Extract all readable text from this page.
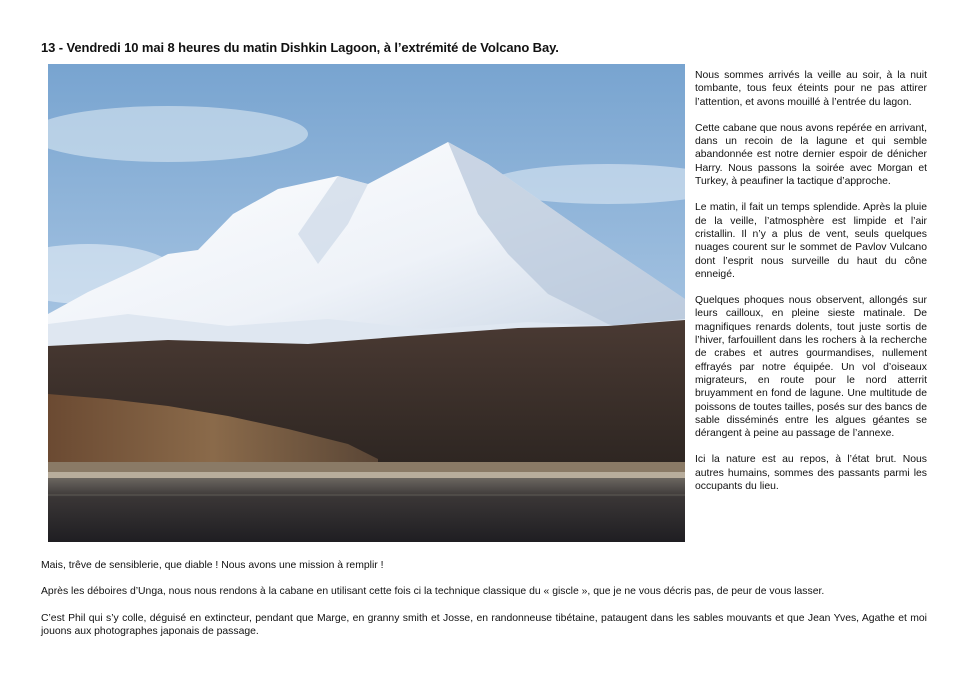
13 - Vendredi 10 mai 8 heures du matin Dishkin Lagoon, à l’extrémité de Volcano Bay.

Nous sommes arrivés la veille au soir, à la nuit tombante, tous feux éteints pour ne pas attirer l’attention, et avons mouillé à l’entrée du lagon.

Cette cabane que nous avons repérée en arrivant, dans un recoin de la lagune et qui semble abandonnée est notre dernier espoir de dénicher Harry. Nous passons la soirée avec Morgan et Turkey, à peaufiner la tactique d’approche.

Le matin, il fait un temps splendide. Après la pluie de la veille, l’atmosphère est limpide et l’air cristallin. Il n’y a plus de vent, seuls quelques nuages courent sur le sommet de Pavlov Vulcano dont l’esprit nous surveille du haut du cône enneigé.

Quelques phoques nous observent, allongés sur leurs cailloux, en pleine sieste matinale. De magnifiques renards dolents, tout juste sortis de l’hiver, farfouillent dans les rochers à la recherche de crabes et autres gourmandises, nullement effrayés par notre équipée. Un vol d’oiseaux migrateurs, en route pour le nord atterrit bruyamment en fond de lagune. Une multitude de poissons de toutes tailles, posés sur des bancs de sable disséminés entre les algues géantes se dérangent à peine au passage de l’annexe.

Ici la nature est au repos, à l’état brut. Nous autres humains, sommes des passants parmi les occupants du lieu.

Mais, trêve de sensiblerie, que diable ! Nous avons une mission à remplir !

Après les déboires d’Unga, nous nous rendons à la cabane en utilisant cette fois ci la technique classique du « giscle », que je ne vous décris pas, de peur de vous lasser.

C’est Phil qui s’y colle, déguisé en extincteur, pendant que Marge, en granny smith et Josse, en randonneuse tibétaine, pataugent dans les sables mouvants et que Jean Yves, Agathe et moi jouons aux photographes japonais de passage.
